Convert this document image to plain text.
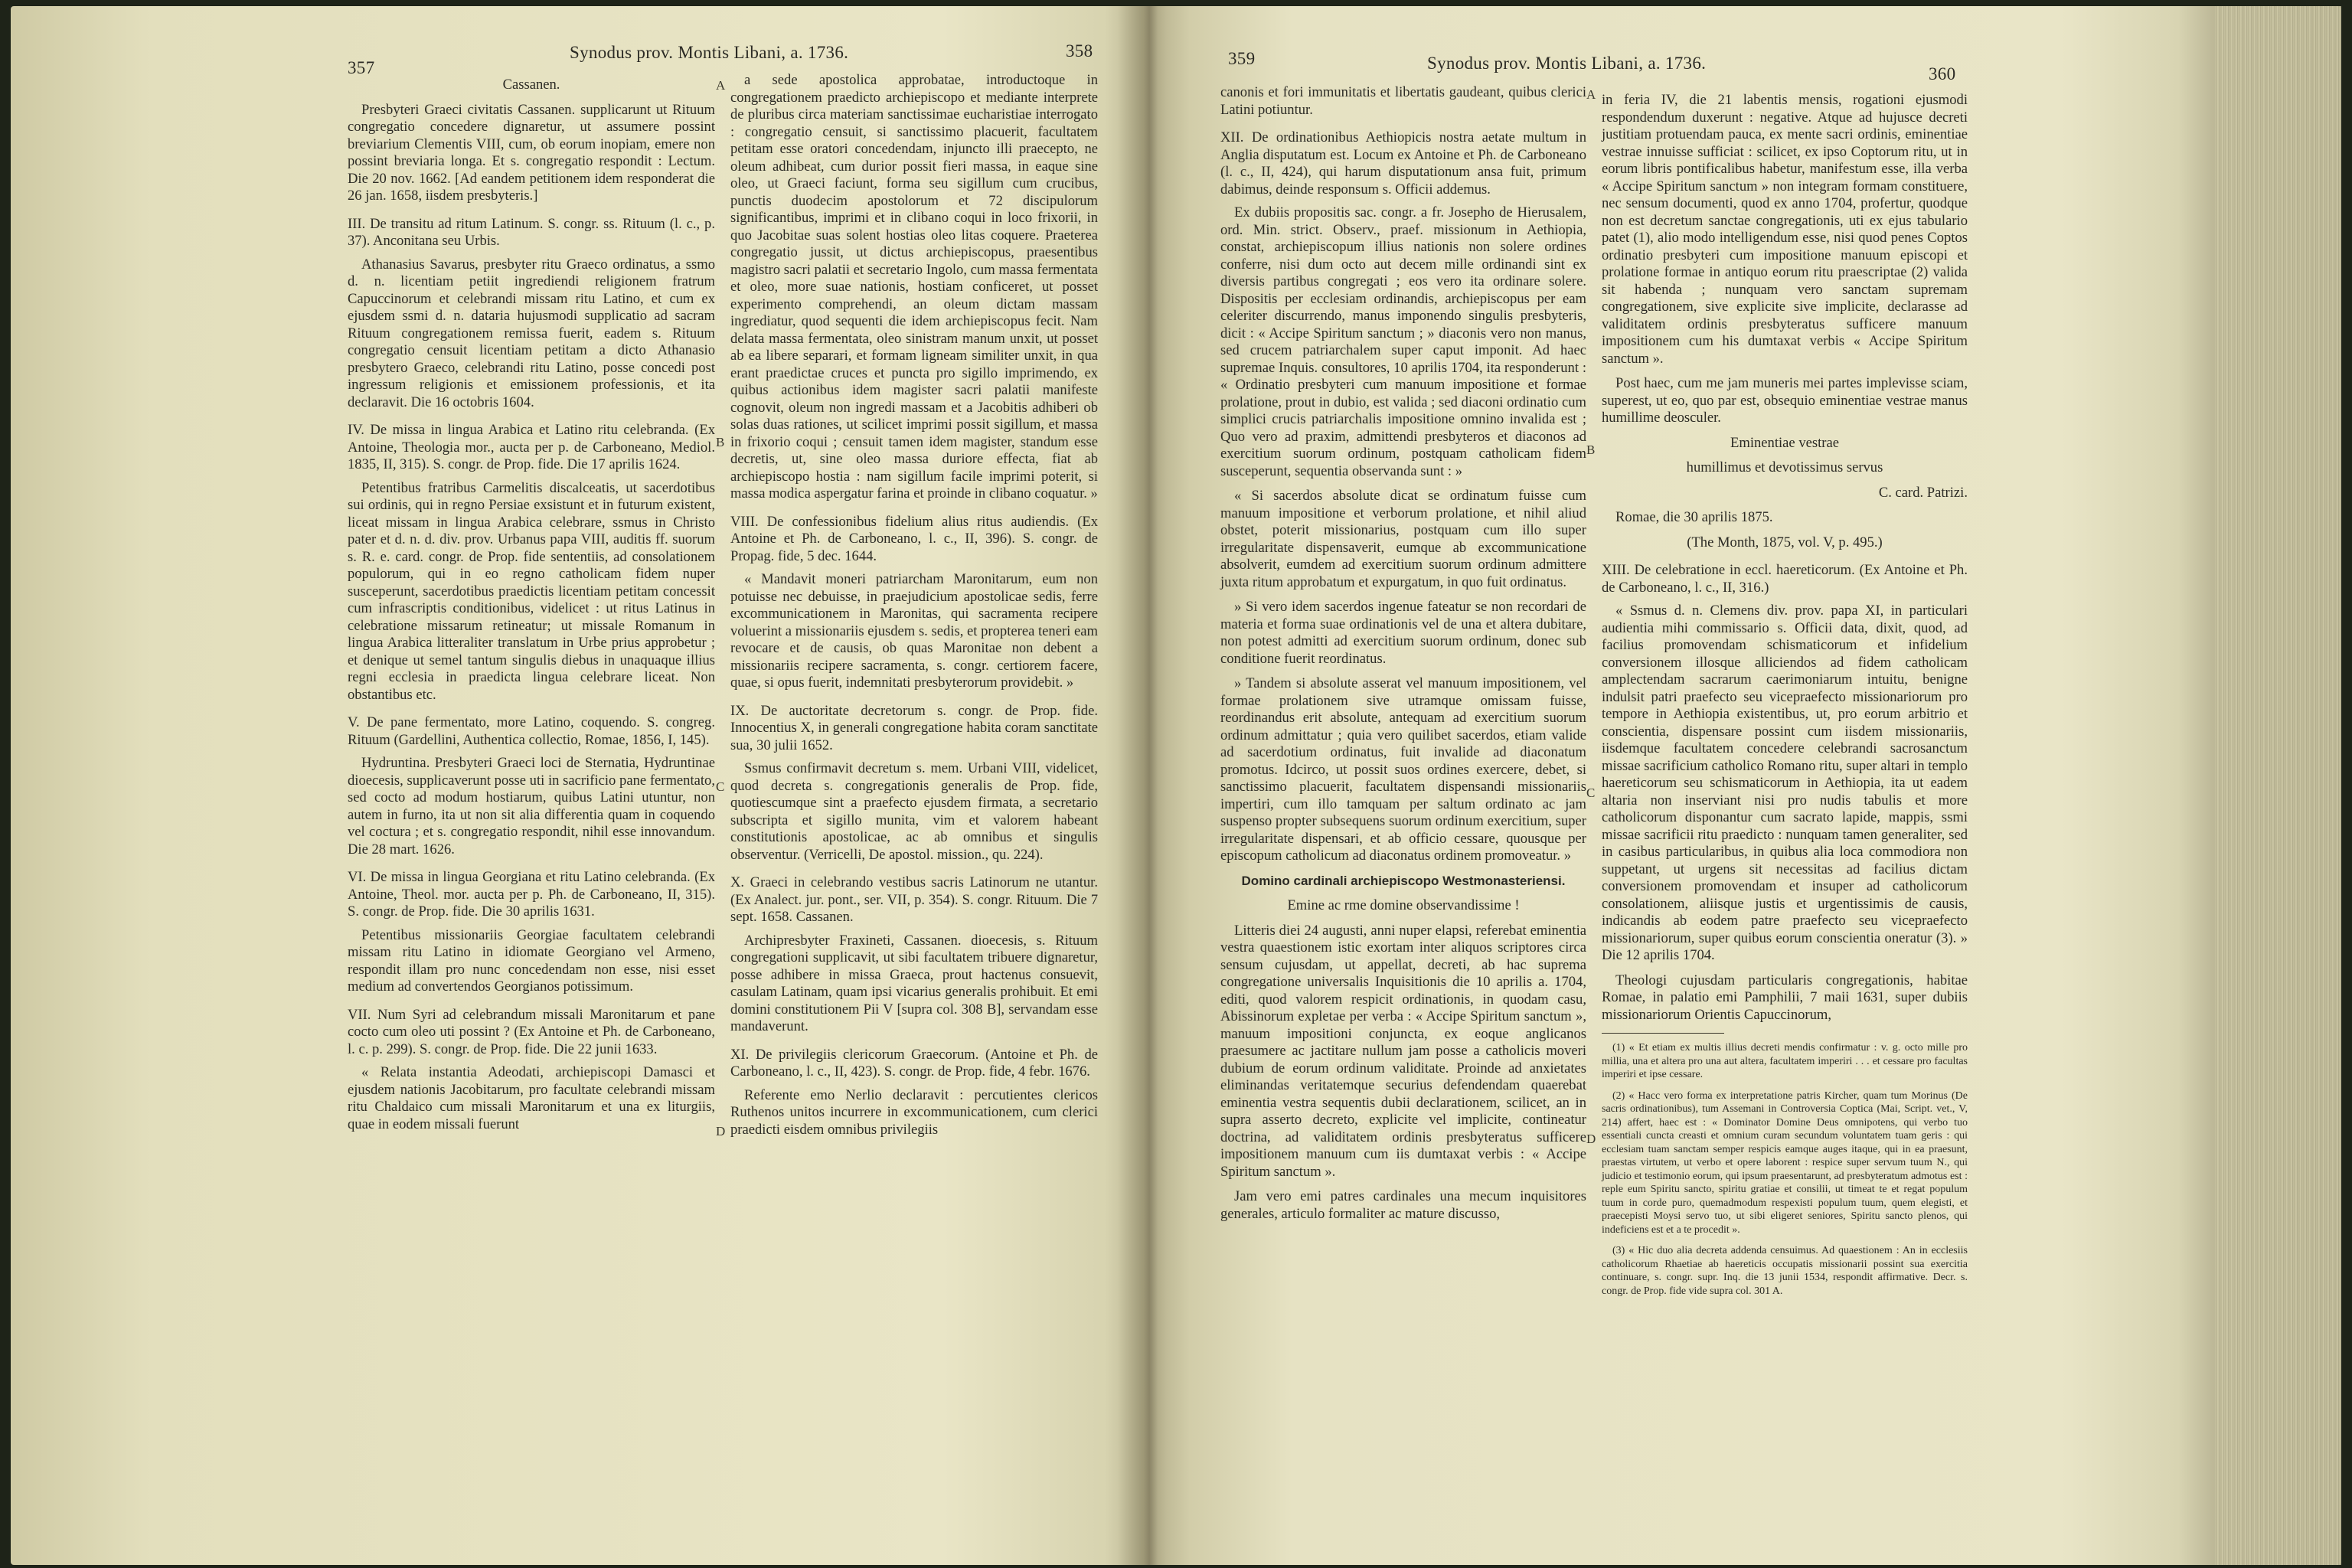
357
Synodus prov. Montis Libani, a. 1736.	358

Cassanen.

Presbyteri Graeci civitatis Cassanen. supplicarunt ut Rituum congregatio concedere dignaretur, ut assumere possint breviarium Clementis VIII, cum, ob eorum inopiam, emere non possint breviaria longa. Et s. congregatio respondit : Lectum. Die 20 nov. 1662. [Ad eandem petitionem idem responderat die 26 jan. 1658, iisdem presbyteris.]

III. De transitu ad ritum Latinum. S. congr. ss. Rituum (l. c., p. 37). Anconitana seu Urbis.

Athanasius Savarus, presbyter ritu Graeco ordinatus, a ssmo d. n. licentiam petiit ingrediendi religionem fratrum Capuccinorum et celebrandi missam ritu Latino, et cum ex ejusdem ssmi d. n. dataria hujusmodi supplicatio ad sacram Rituum congregationem remissa fuerit, eadem s. Rituum congregatio censuit licentiam petitam a dicto Athanasio presbytero Graeco, celebrandi ritu Latino, posse concedi post ingressum religionis et emissionem professionis, et ita declaravit. Die 16 octobris 1604.

IV. De missa in lingua Arabica et Latino ritu celebranda. (Ex Antoine, Theologia mor., aucta per p. de Carboneano, Mediol. 1835, II, 315). S. congr. de Prop. fide. Die 17 aprilis 1624.

Petentibus fratribus Carmelitis discalceatis, ut sacerdotibus sui ordinis, qui in regno Persiae exsistunt et in futurum existent, liceat missam in lingua Arabica celebrare, ssmus in Christo pater et d. n. d. div. prov. Urbanus papa VIII, auditis ff. suorum s. R. e. card. congr. de Prop. fide sententiis, ad consolationem populorum, qui in eo regno catholicam fidem nuper susceperunt, sacerdotibus praedictis licentiam petitam concessit cum infrascriptis conditionibus, videlicet : ut ritus Latinus in celebratione missarum retineatur; ut missale Romanum in lingua Arabica litteraliter translatum in Urbe prius approbetur ; et denique ut semel tantum singulis diebus in unaquaque illius regni ecclesia in praedicta lingua celebrare liceat. Non obstantibus etc.

V. De pane fermentato, more Latino, coquendo. S. congreg. Rituum (Gardellini, Authentica collectio, Romae, 1856, I, 145).

Hydruntina. Presbyteri Graeci loci de Sternatia, Hydruntinae dioecesis, supplicaverunt posse uti in sacrificio pane fermentato, sed cocto ad modum hostiarum, quibus Latini utuntur, non autem in furno, ita ut non sit alia differentia quam in coquendo vel coctura ; et s. congregatio respondit, nihil esse innovandum. Die 28 mart. 1626.

VI. De missa in lingua Georgiana et ritu Latino celebranda. (Ex Antoine, Theol. mor. aucta per p. Ph. de Carboneano, II, 315). S. congr. de Prop. fide. Die 30 aprilis 1631.

Petentibus missionariis Georgiae facultatem celebrandi missam ritu Latino in idiomate Georgiano vel Armeno, respondit illam pro nunc concedendam non esse, nisi esset medium ad convertendos Georgianos potissimum.

VII. Num Syri ad celebrandum missali Maronitarum et pane cocto cum oleo uti possint ? (Ex Antoine et Ph. de Carboneano, l. c. p. 299). S. congr. de Prop. fide. Die 22 junii 1633.

« Relata instantia Adeodati, archiepiscopi Damasci et ejusdem nationis Jacobitarum, pro facultate celebrandi missam ritu Chaldaico cum missali Maronitarum et una ex liturgiis, quae in eodem missali fuerunt

a sede apostolica approbatae, introductoque in congregationem praedicto archiepiscopo et mediante interprete de pluribus circa materiam sanctissimae eucharistiae interrogato : congregatio censuit, si sanctissimo placuerit, facultatem petitam esse oratori concedendam, injuncto illi praecepto, ne oleum adhibeat, cum durior possit fieri massa, in eaque sine oleo, ut Graeci faciunt, forma seu sigillum cum crucibus, punctis duodecim apostolorum et 72 discipulorum significantibus, imprimi et in clibano coqui in loco frixorii, in quo Jacobitae suas solent hostias oleo litas coquere. Praeterea congregatio jussit, ut dictus archiepiscopus, praesentibus magistro sacri palatii et secretario Ingolo, cum massa fermentata et oleo, more suae nationis, hostiam conficeret, ut posset experimento comprehendi, an oleum dictam massam ingrediatur, quod sequenti die idem archiepiscopus fecit. Nam delata massa fermentata, oleo sinistram manum unxit, ut posset ab ea libere separari, et formam ligneam similiter unxit, in qua erant praedictae cruces et puncta pro sigillo imprimendo, ex quibus actionibus idem magister sacri palatii manifeste cognovit, oleum non ingredi massam et a Jacobitis adhiberi ob solas duas rationes, ut scilicet imprimi possit sigillum, et massa in frixorio coqui ; censuit tamen idem magister, standum esse decretis, ut, sine oleo massa duriore effecta, fiat ab archiepiscopo hostia : nam sigillum facile imprimi poterit, si massa modica aspergatur farina et proinde in clibano coquatur. »

VIII. De confessionibus fidelium alius ritus audiendis. (Ex Antoine et Ph. de Carboneano, l. c., II, 396). S. congr. de Propag. fide, 5 dec. 1644.

« Mandavit moneri patriarcham Maronitarum, eum non potuisse nec debuisse, in praejudicium apostolicae sedis, ferre excommunicationem in Maronitas, qui sacramenta recipere voluerint a missionariis ejusdem s. sedis, et propterea teneri eam revocare et de causis, ob quas Maronitae non debent a missionariis recipere sacramenta, s. congr. certiorem facere, quae, si opus fuerit, indemnitati presbyterorum providebit. »

IX. De auctoritate decretorum s. congr. de Prop. fide. Innocentius X, in generali congregatione habita coram sanctitate sua, 30 julii 1652.

Ssmus confirmavit decretum s. mem. Urbani VIII, videlicet, quod decreta s. congregationis generalis de Prop. fide, quotiescumque sint a praefecto ejusdem firmata, a secretario subscripta et sigillo munita, vim et valorem habeant constitutionis apostolicae, ac ab omnibus et singulis observentur. (Verricelli, De apostol. mission., qu. 224).

X. Graeci in celebrando vestibus sacris Latinorum ne utantur. (Ex Analect. jur. pont., ser. VII, p. 354). S. congr. Rituum. Die 7 sept. 1658. Cassanen.

Archipresbyter Fraxineti, Cassanen. dioecesis, s. Rituum congregationi supplicavit, ut sibi facultatem tribuere dignaretur, posse adhibere in missa Graeca, prout hactenus consuevit, casulam Latinam, quam ipsi vicarius generalis prohibuit. Et emi domini constitutionem Pii V [supra col. 308 B], servandam esse mandaverunt.

XI. De privilegiis clericorum Graecorum. (Antoine et Ph. de Carboneano, l. c., II, 423). S. congr. de Prop. fide, 4 febr. 1676.

Referente emo Nerlio declaravit : percutientes clericos Ruthenos unitos incurrere in excommunicationem, cum clerici praedicti eisdem omnibus privilegiis

A
B
C
D
359	Synodus prov. Montis Libani, a. 1736.
360

canonis et fori immunitatis et libertatis gaudeant, quibus clerici Latini potiuntur.

XII. De ordinationibus Aethiopicis nostra aetate multum in Anglia disputatum est. Locum ex Antoine et Ph. de Carboneano (l. c., II, 424), qui harum disputationum ansa fuit, primum dabimus, deinde responsum s. Officii addemus.

Ex dubiis propositis sac. congr. a fr. Josepho de Hierusalem, ord. Min. strict. Observ., praef. missionum in Aethiopia, constat, archiepiscopum illius nationis non solere ordines conferre, nisi dum octo aut decem mille ordinandi sint ex diversis partibus congregati ; eos vero ita ordinare solere. Dispositis per ecclesiam ordinandis, archiepiscopus per eam celeriter discurrendo, manus imponendo singulis presbyteris, dicit : « Accipe Spiritum sanctum ; » diaconis vero non manus, sed crucem patriarchalem super caput imponit. Ad haec supremae Inquis. consultores, 10 aprilis 1704, ita responderunt : « Ordinatio presbyteri cum manuum impositione et formae prolatione, prout in dubio, est valida ; sed diaconi ordinatio cum simplici crucis patriarchalis impositione omnino invalida est ; Quo vero ad praxim, admittendi presbyteros et diaconos ad exercitium suorum ordinum, postquam catholicam fidem susceperunt, sequentia observanda sunt : »

« Si sacerdos absolute dicat se ordinatum fuisse cum manuum impositione et verborum prolatione, et nihil aliud obstet, poterit missionarius, postquam cum illo super irregularitate dispensaverit, eumque ab excommunicatione absolverit, eumdem ad exercitium suorum ordinum admittere juxta ritum approbatum et expurgatum, in quo fuit ordinatus.

» Si vero idem sacerdos ingenue fateatur se non recordari de materia et forma suae ordinationis vel de una et altera dubitare, non potest admitti ad exercitium suorum ordinum, donec sub conditione fuerit reordinatus.

» Tandem si absolute asserat vel manuum impositionem, vel formae prolationem sive utramque omissam fuisse, reordinandus erit absolute, antequam ad exercitium suorum ordinum admittatur ; quia vero quilibet sacerdos, etiam valide ad sacerdotium ordinatus, fuit invalide ad diaconatum promotus. Idcirco, ut possit suos ordines exercere, debet, si sanctissimo placuerit, facultatem dispensandi missionariis impertiri, cum illo tamquam per saltum ordinato ac jam suspenso propter subsequens suorum ordinum exercitium, super irregularitate dispensari, et ab officio cessare, quousque per episcopum catholicum ad diaconatus ordinem promoveatur. »

Domino cardinali archiepiscopo Westmonasteriensi.

Emine ac rme domine observandissime !

Litteris diei 24 augusti, anni nuper elapsi, referebat eminentia vestra quaestionem istic exortam inter aliquos scriptores circa sensum cujusdam, ut appellat, decreti, ab hac suprema congregatione universalis Inquisitionis die 10 aprilis a. 1704, editi, quod valorem respicit ordinationis, in quodam casu, Abissinorum expletae per verba : « Accipe Spiritum sanctum », manuum impositioni conjuncta, ex eoque anglicanos praesumere ac jactitare nullum jam posse a catholicis moveri dubium de eorum ordinum validitate. Proinde ad anxietates eliminandas veritatemque securius defendendam quaerebat eminentia vestra sequentis dubii declarationem, scilicet, an in supra asserto decreto, explicite vel implicite, contineatur doctrina, ad validitatem ordinis presbyteratus sufficere impositionem manuum cum iis dumtaxat verbis : « Accipe Spiritum sanctum ».

Jam vero emi patres cardinales una mecum inquisitores generales, articulo formaliter ac mature discusso,

in feria IV, die 21 labentis mensis, rogationi ejusmodi respondendum duxerunt : negative. Atque ad hujusce decreti justitiam protuendam pauca, ex mente sacri ordinis, eminentiae vestrae innuisse sufficiat : scilicet, ex ipso Coptorum ritu, ut in eorum libris pontificalibus habetur, manifestum esse, illa verba « Accipe Spiritum sanctum » non integram formam constituere, nec sensum documenti, quod ex anno 1704, profertur, quodque non est decretum sanctae congregationis, uti ex ejus tabulario patet (1), alio modo intelligendum esse, nisi quod penes Coptos ordinatio presbyteri cum impositione manuum episcopi et prolatione formae in antiquo eorum ritu praescriptae (2) valida sit habenda ; nunquam vero sanctam supremam congregationem, sive explicite sive implicite, declarasse ad validitatem ordinis presbyteratus sufficere manuum impositionem cum his dumtaxat verbis « Accipe Spiritum sanctum ».

Post haec, cum me jam muneris mei partes implevisse sciam, superest, ut eo, quo par est, obsequio eminentiae vestrae manus humillime deosculer.

Eminentiae vestrae

humillimus et devotissimus servus

C. card. Patrizi.

Romae, die 30 aprilis 1875.

(The Month, 1875, vol. V, p. 495.)

XIII. De celebratione in eccl. haereticorum. (Ex Antoine et Ph. de Carboneano, l. c., II, 316.)

« Ssmus d. n. Clemens div. prov. papa XI, in particulari audientia mihi commissario s. Officii data, dixit, quod, ad facilius promovendam schismaticorum et infidelium conversionem illosque alliciendos ad fidem catholicam amplectendam sacrarum caerimoniarum intuitu, benigne indulsit patri praefecto seu vicepraefecto missionariorum pro tempore in Aethiopia existentibus, ut, pro eorum arbitrio et conscientia, dispensare possint cum iisdem missionariis, iisdemque facultatem concedere celebrandi sacrosanctum missae sacrificium catholico Romano ritu, super altari in templo haereticorum seu schismaticorum in Aethiopia, ita ut eadem altaria non inserviant nisi pro nudis tabulis et more catholicorum disponantur cum sacrato lapide, mappis, ssmi missae sacrificii ritu praedicto : nunquam tamen generaliter, sed in casibus particularibus, in quibus alia loca commodiora non suppetant, ut urgens sit necessitas ad facilius dictam conversionem promovendam et insuper ad catholicorum consolationem, aliisque justis et urgentissimis de causis, indicandis ab eodem patre praefecto seu vicepraefecto missionariorum, super quibus eorum conscientia oneratur (3). » Die 12 aprilis 1704.

Theologi cujusdam particularis congregationis, habitae Romae, in palatio emi Pamphilii, 7 maii 1631, super dubiis missionariorum Orientis Capuccinorum,

(1) « Et etiam ex multis illius decreti mendis confirmatur : v. g. octo mille pro millia, una et altera pro una aut altera, facultatem imperiri . . . et cessare pro facultas imperiri et ipse cessare.

(2) « Hacc vero forma ex interpretatione patris Kircher, quam tum Morinus (De sacris ordinationibus), tum Assemani in Controversia Coptica (Mai, Script. vet., V, 214) affert, haec est : « Dominator Domine Deus omnipotens, qui verbo tuo essentiali cuncta creasti et omnium curam secundum voluntatem tuam geris : qui ecclesiam tuam sanctam semper respicis eamque auges itaque, qui in ea praesunt, praestas virtutem, ut verbo et opere laborent : respice super servum tuum N., qui judicio et testimonio eorum, qui ipsum praesentarunt, ad presbyteratum admotus est : reple eum Spiritu sancto, spiritu gratiae et consilii, ut timeat te et regat populum tuum in corde puro, quemadmodum respexisti populum tuum, quem elegisti, et praecepisti Moysi servo tuo, ut sibi eligeret seniores, Spiritu sancto plenos, qui indeficiens est et a te procedit ».

(3) « Hic duo alia decreta addenda censuimus. Ad quaestionem : An in ecclesiis catholicorum Rhaetiae ab haereticis occupatis missionarii possint sua exercitia continuare, s. congr. supr. Inq. die 13 junii 1534, respondit affirmative. Decr. s. congr. de Prop. fide vide supra col. 301 A.

A
B
C
D
